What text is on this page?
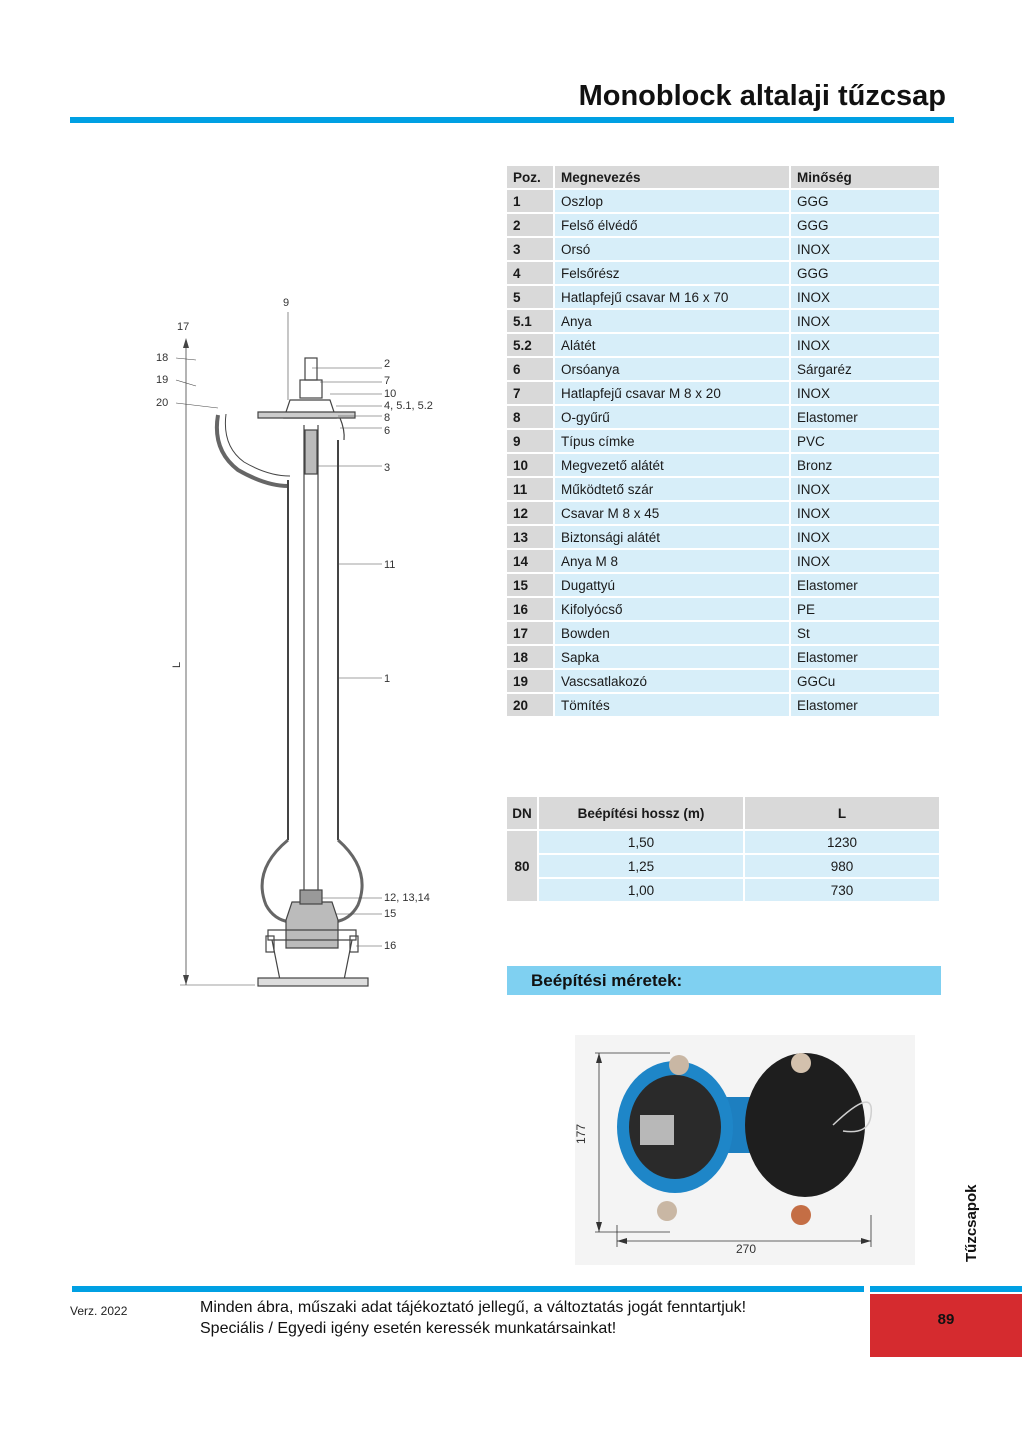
Monoblock altalaji tűzcsap
9
17
18
19
20
2
7
10
4, 5.1, 5.2
8
6
3
11
1
L
12, 13,14
15
16
Poz.	Megnevezés	Minőség
1	Oszlop	GGG
2	Felső élvédő	GGG
3	Orsó	INOX
4	Felsőrész	GGG
5	Hatlapfejű csavar M 16 x 70	INOX
5.1	Anya	INOX
5.2	Alátét	INOX
6	Orsóanya	Sárgaréz
7	Hatlapfejű csavar M 8 x 20	INOX
8	O-gyűrű	Elastomer
9	Típus címke	PVC
10	Megvezető alátét	Bronz
11	Működtető szár	INOX
12	Csavar M 8 x 45	INOX
13	Biztonsági alátét	INOX
14	Anya M 8	INOX
15	Dugattyú	Elastomer
16	Kifolyócső	PE
17	Bowden	St
18	Sapka	Elastomer
19	Vascsatlakozó	GGCu
20	Tömítés	Elastomer
DN	Beépítési hossz (m)	L
80	1,50	1230
	1,25	980
	1,00	730
Beépítési méretek:
177
270	Tűzcsapok
89
Verz. 2022	Minden ábra, műszaki adat tájékoztató jellegű, a változtatás jogát fenntartjuk!
Speciális / Egyedi igény esetén keressék munkatársainkat!
